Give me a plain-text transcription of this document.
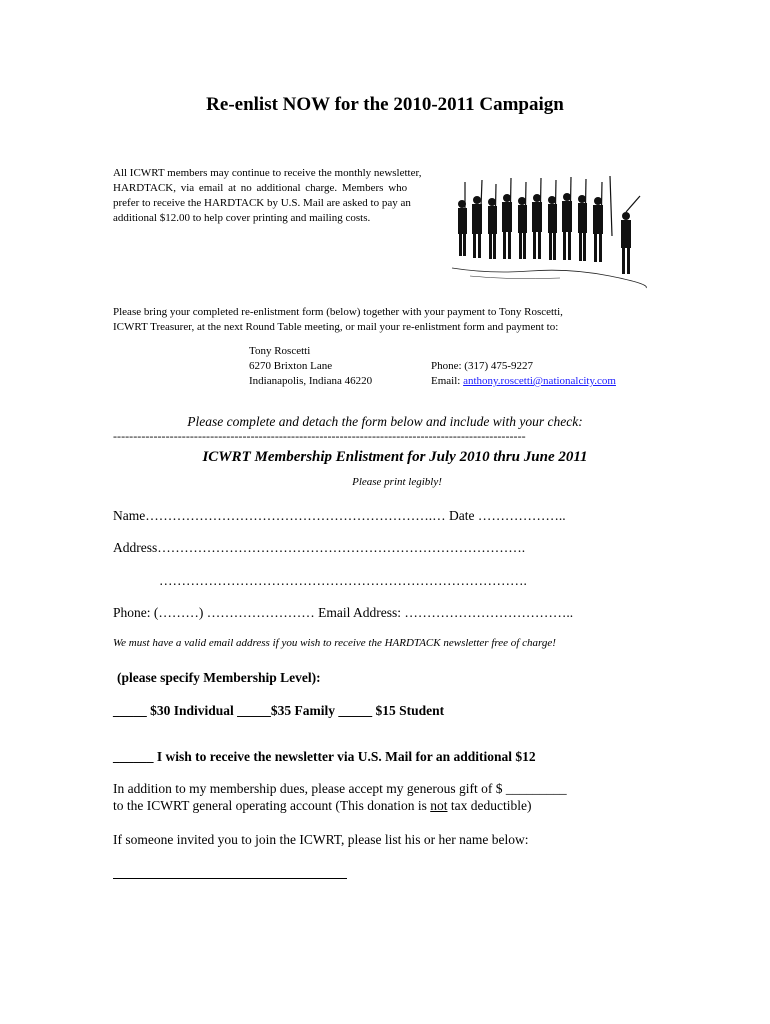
Re-enlist NOW for the 2010-2011 Campaign
All ICWRT members may continue to receive the monthly newsletter,
HARDTACK, via email at no additional charge. Members who
prefer to receive the HARDTACK by U.S. Mail are asked to pay an
additional $12.00 to help cover printing and mailing costs.
Please bring your completed re-enlistment form (below) together with your payment to Tony Roscetti,
ICWRT Treasurer, at the next Round Table meeting, or mail your re-enlistment form and payment to:
Tony Roscetti
6270 Brixton Lane
Indianapolis, Indiana 46220
Phone: (317) 475-9227
Email: anthony.roscetti@nationalcity.com
Please complete and detach the form below and include with your check:
------------------------------------------------------------------------------------------------------
ICWRT Membership Enlistment for July 2010 thru June 2011
Please print legibly!
Name……………………………………………………….… Date ………………..
Address……………………………………………………………………….
……………………………………………………………………….
Phone: (………) …………………… Email Address: ………………………………..
We must have a valid email address if you wish to receive the HARDTACK newsletter free of charge!
(please specify Membership Level):
_____ $30 Individual _____$35 Family _____ $15 Student
______ I wish to receive the newsletter via U.S. Mail for an additional $12
In addition to my membership dues, please accept my generous gift of $ _________
to the ICWRT general operating account (This donation is not tax deductible)
If someone invited you to join the ICWRT, please list his or her name below:
